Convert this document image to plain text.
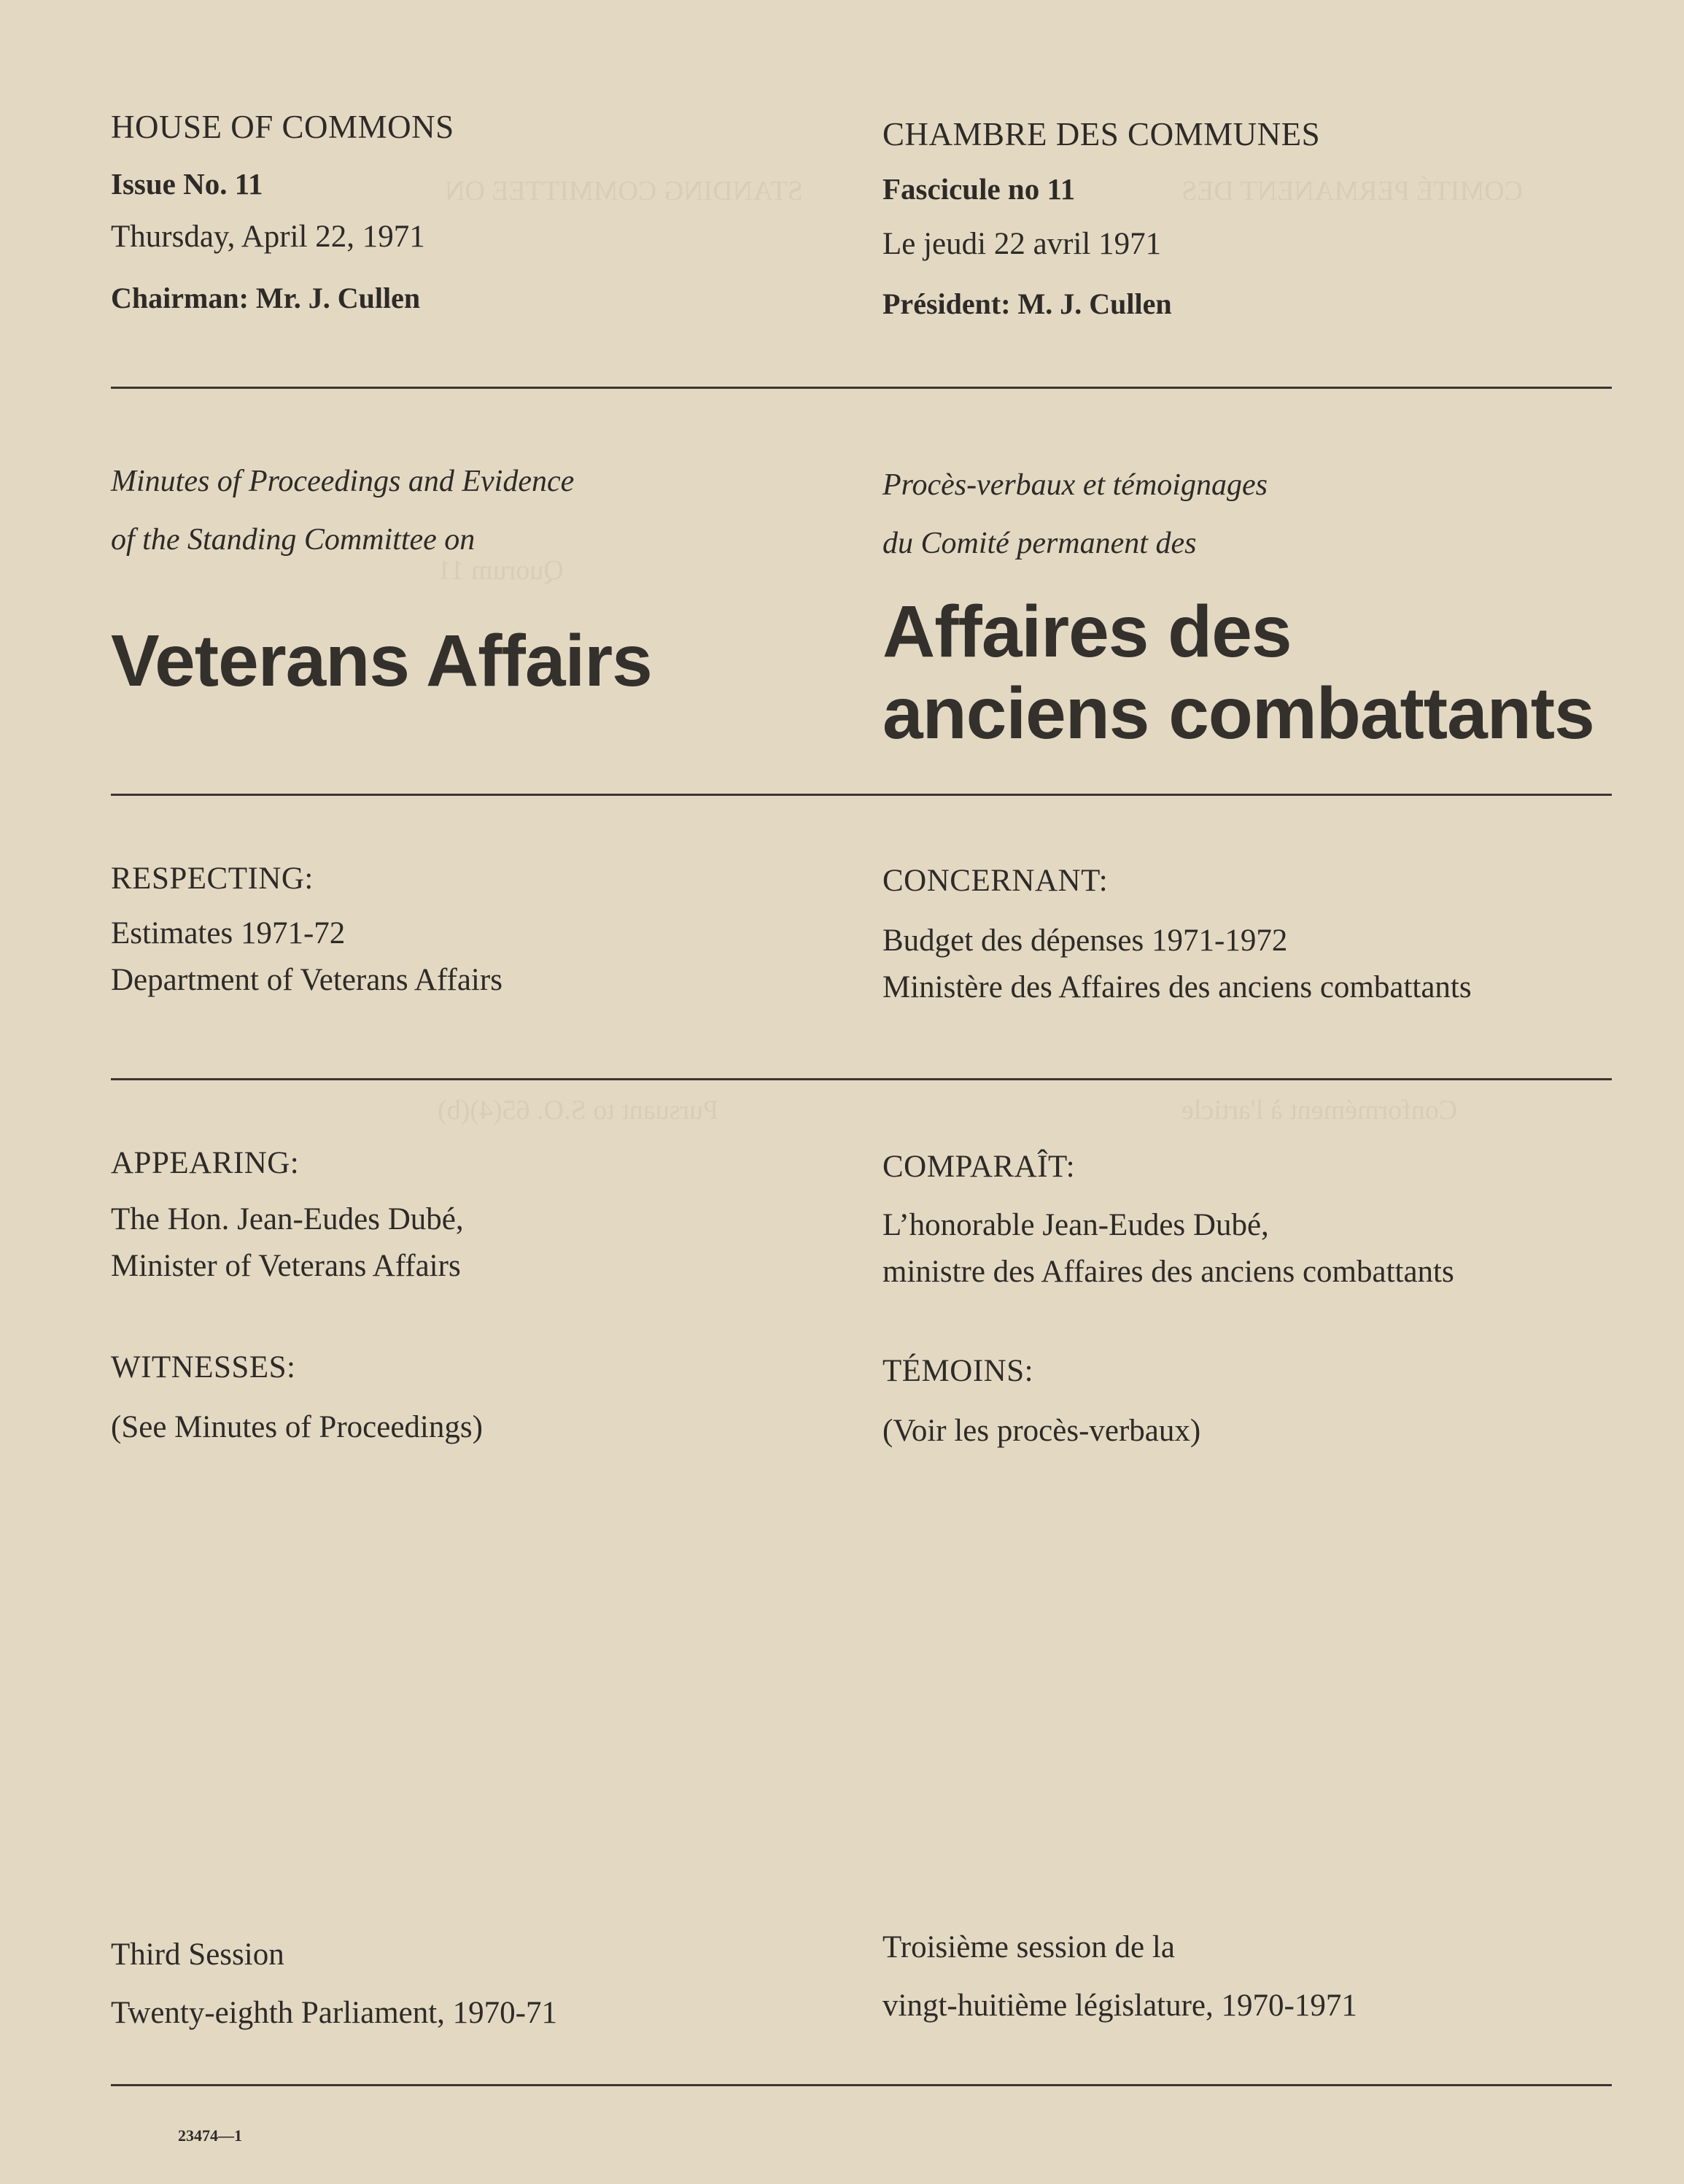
STANDING COMMITTEE ON	COMITÉ PERMANENT DES
Quorum 11
Pursuant to S.O. 65(4)(b)	Conformément à l'article
HOUSE OF COMMONS
Issue No. 11
Thursday, April 22, 1971
Chairman: Mr. J. Cullen
Minutes of Proceedings and Evidence
of the Standing Committee on
Veterans Affairs
RESPECTING:
Estimates 1971-72
Department of Veterans Affairs
APPEARING:
The Hon. Jean-Eudes Dubé,
Minister of Veterans Affairs
WITNESSES:
(See Minutes of Proceedings)
Third Session
Twenty-eighth Parliament, 1970-71
23474—1
CHAMBRE DES COMMUNES
Fascicule no 11
Le jeudi 22 avril 1971
Président: M. J. Cullen
Procès-verbaux et témoignages
du Comité permanent des
Affaires des
anciens combattants
CONCERNANT:
Budget des dépenses 1971-1972
Ministère des Affaires des anciens combattants
COMPARAÎT:
L’honorable Jean-Eudes Dubé,
ministre des Affaires des anciens combattants
TÉMOINS:
(Voir les procès-verbaux)
Troisième session de la
vingt-huitième législature, 1970-1971
